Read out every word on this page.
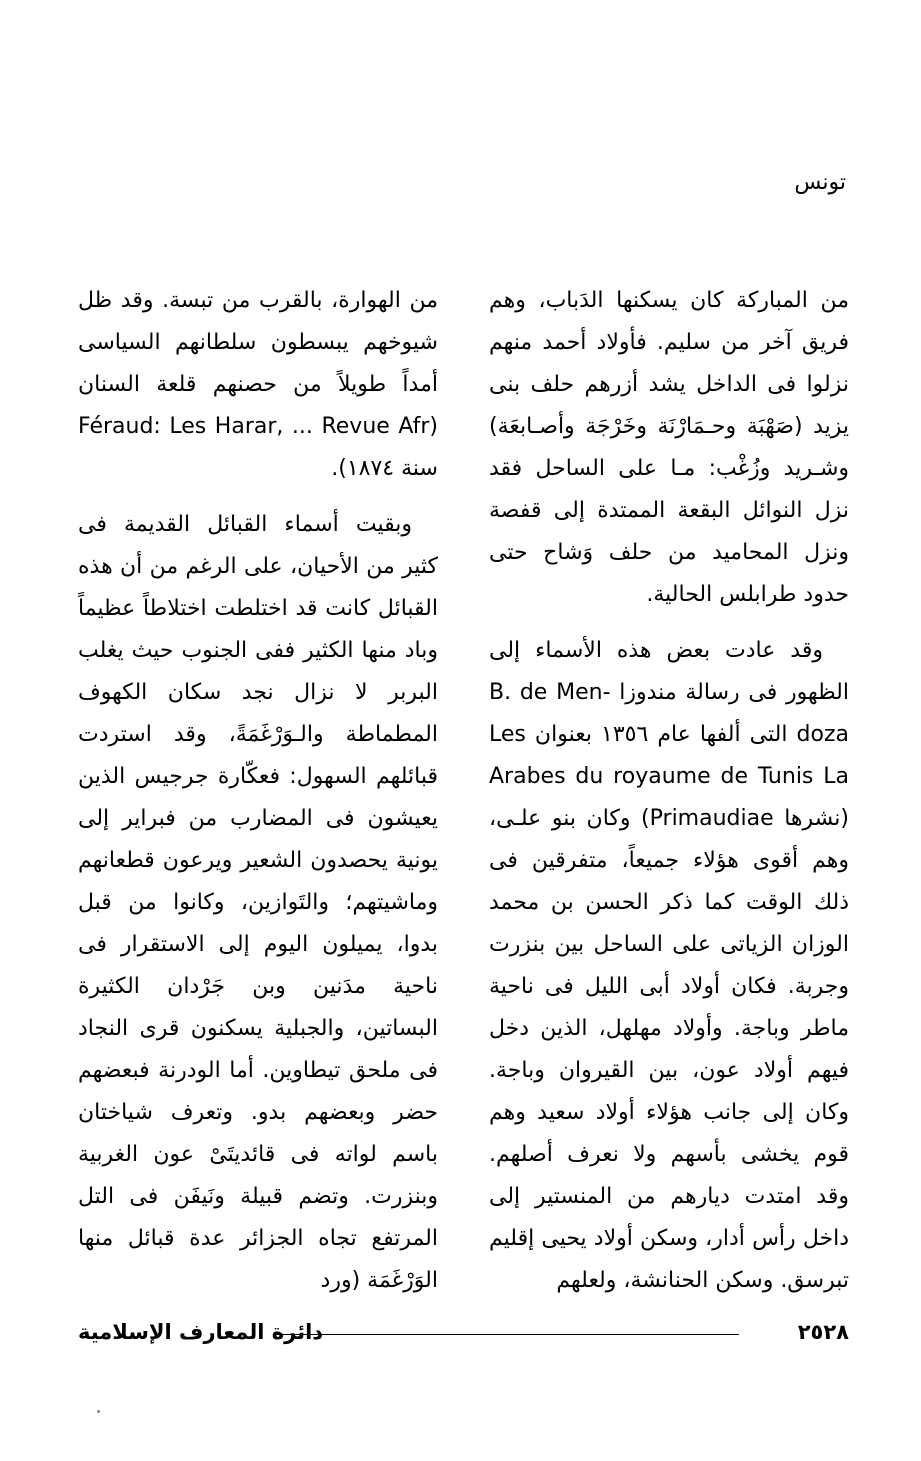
تونس

من المباركة كان يسكنها الدَباب، وهم فريق آخر من سليم. فأولاد أحمد منهم نزلوا فى الداخل يشد أزرهم حلف بنى يزيد (صَهْبَة وحـمَارْنَة وخَرْجَة وأصـابعَة) وشـريد وزُغْب: مـا على الساحل فقد نزل النوائل البقعة الممتدة إلى قفصة ونزل المحاميد من حلف وَشاح حتى حدود طرابلس الحالية.

وقد عادت بعض هذه الأسماء إلى الظهور فى رسالة مندوزا B. de Men- doza التى ألفها عام ١٣٥٦ بعنوان Les Arabes du royaume de Tunis La (نشرها Primaudiae) وكان بنو علـى، وهم أقوى هؤلاء جميعاً، متفرقين فى ذلك الوقت كما ذكر الحسن بن محمد الوزان الزياتى على الساحل بين بنزرت وجربة. فكان أولاد أبى الليل فى ناحية ماطر وباجة. وأولاد مهلهل، الذين دخل فيهم أولاد عون، بين القيروان وباجة. وكان إلى جانب هؤلاء أولاد سعيد وهم قوم يخشى بأسهم ولا نعرف أصلهم. وقد امتدت ديارهم من المنستير إلى داخل رأس أدار، وسكن أولاد يحيى إقليم تبرسق. وسكن الحنانشة، ولعلهم

من الهوارة، بالقرب من تبسة. وقد ظل شيوخهم يبسطون سلطانهم السياسى أمداً طويلاً من حصنهم قلعة السنان (Féraud: Les Harar, ... Revue Afr سنة ١٨٧٤).

وبقيت أسماء القبائل القديمة فى كثير من الأحيان، على الرغم من أن هذه القبائل كانت قد اختلطت اختلاطاً عظيماً وباد منها الكثير ففى الجنوب حيث يغلب البربر لا نزال نجد سكان الكهوف المطماطة والـوَرْغَمَةً، وقد استردت قبائلهم السهول: فعكّارة جرجيس الذين يعيشون فى المضارب من فبراير إلى يونية يحصدون الشعير ويرعون قطعانهم وماشيتهم؛ والتَوازين، وكانوا من قبل بدوا، يميلون اليوم إلى الاستقرار فى ناحية مدَنين وبن جَرْدان الكثيرة البساتين، والجبلية يسكنون قرى النجاد فى ملحق تيطاوين. أما الودرنة فبعضهم حضر وبعضهم بدو. وتعرف شياختان باسم لواته فى قائديتَىْ عون الغربية وبنزرت. وتضم قبيلة ونَيفَن فى التل المرتفع تجاه الجزائر عدة قبائل منها الوَرْغَمَة (ورد

٢٥٢٨
دائرة المعارف الإسلامية
